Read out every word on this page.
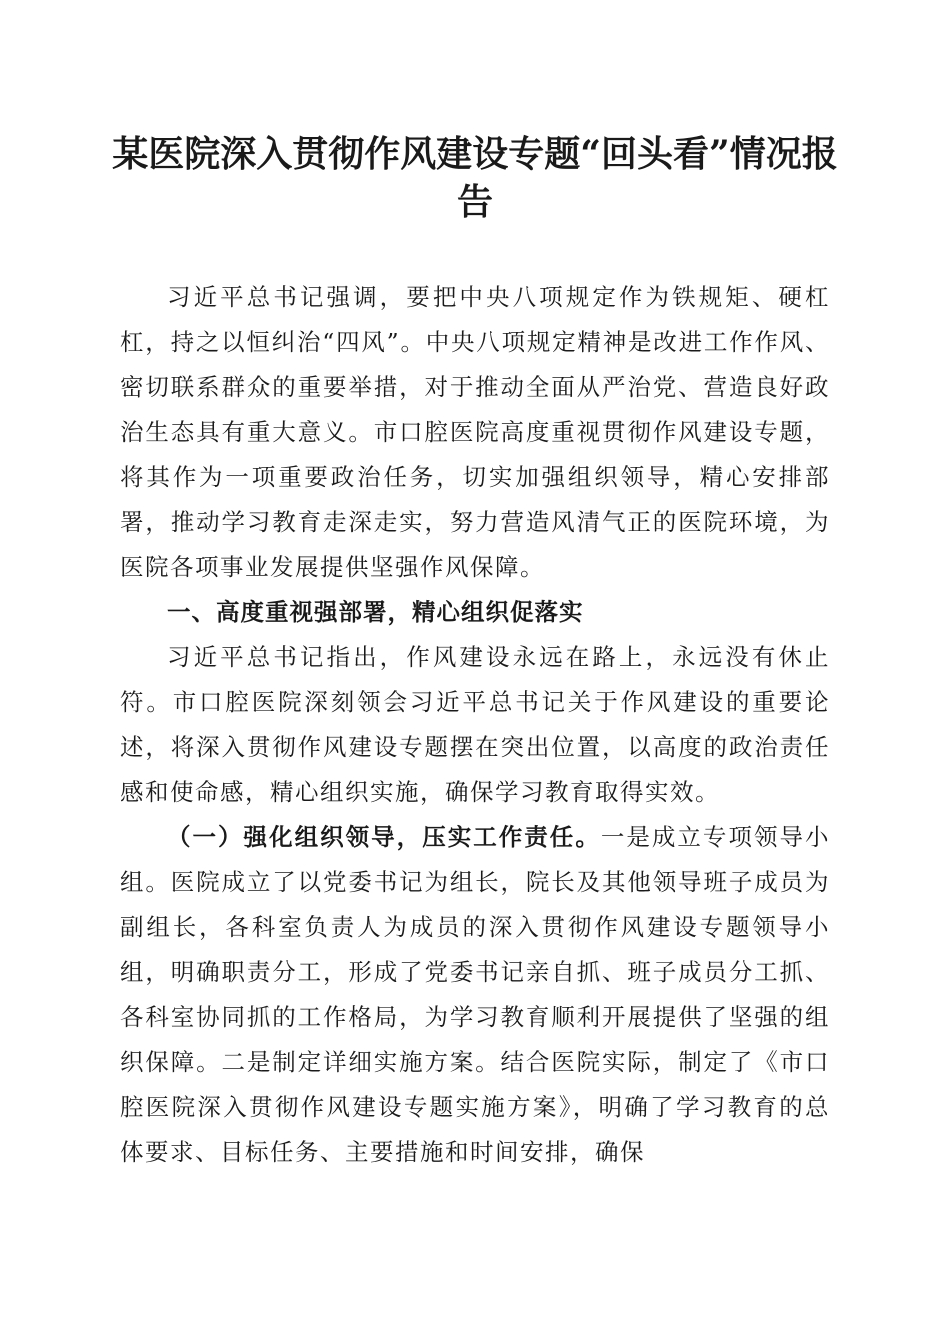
某医院深入贯彻作风建设专题“回头看”情况报告

习近平总书记强调，要把中央八项规定作为铁规矩、硬杠杠，持之以恒纠治“四风”。中央八项规定精神是改进工作作风、密切联系群众的重要举措，对于推动全面从严治党、营造良好政治生态具有重大意义。市口腔医院高度重视贯彻作风建设专题，将其作为一项重要政治任务，切实加强组织领导，精心安排部署，推动学习教育走深走实，努力营造风清气正的医院环境，为医院各项事业发展提供坚强作风保障。

一、高度重视强部署，精心组织促落实

习近平总书记指出，作风建设永远在路上，永远没有休止符。市口腔医院深刻领会习近平总书记关于作风建设的重要论述，将深入贯彻作风建设专题摆在突出位置，以高度的政治责任感和使命感，精心组织实施，确保学习教育取得实效。

（一）强化组织领导，压实工作责任。一是成立专项领导小组。医院成立了以党委书记为组长，院长及其他领导班子成员为副组长，各科室负责人为成员的深入贯彻作风建设专题领导小组，明确职责分工，形成了党委书记亲自抓、班子成员分工抓、各科室协同抓的工作格局，为学习教育顺利开展提供了坚强的组织保障。二是制定详细实施方案。结合医院实际，制定了《市口腔医院深入贯彻作风建设专题实施方案》，明确了学习教育的总体要求、目标任务、主要措施和时间安排，确保
